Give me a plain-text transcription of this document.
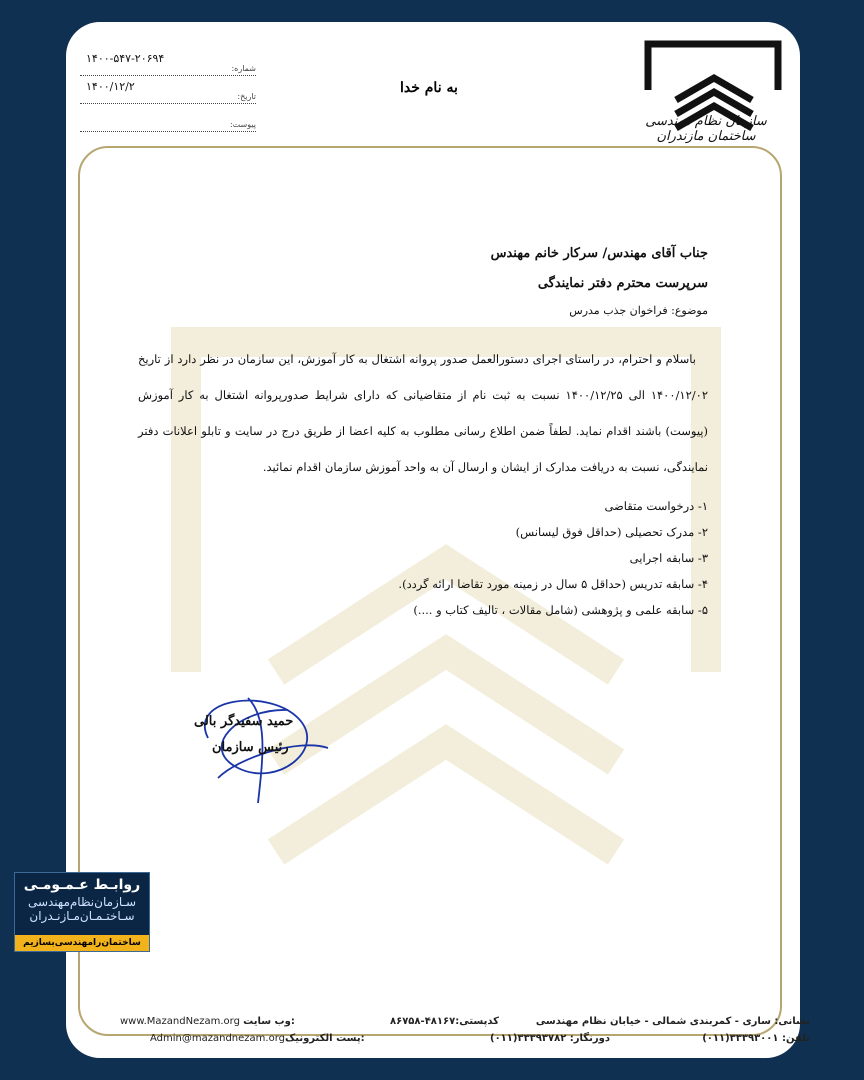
سازمان نظام مهندسی ساختمان مازندران
به نام خدا
شماره:
۱۴۰۰-۵۴۷-۲۰۶۹۴
تاریخ:
۱۴۰۰/۱۲/۲
پیوست:
جناب آقای مهندس/ سرکار خانم مهندس
سرپرست محترم دفتر نمایندگی
موضوع: فراخوان جذب مدرس

باسلام و احترام، در راستای اجرای دستورالعمل صدور پروانه اشتغال به کار آموزش، این سازمان در نظر دارد از تاریخ ۱۴۰۰/۱۲/۰۲ الی ۱۴۰۰/۱۲/۲۵ نسبت به ثبت نام از متقاضیانی که دارای شرایط صدورپروانه اشتغال به کار آموزش (پیوست) باشند اقدام نماید. لطفاً ضمن اطلاع رسانی مطلوب به کلیه اعضا از طریق درج در سایت و تابلو اعلانات دفتر نمایندگی، نسبت به دریافت مدارک از ایشان و ارسال آن به واحد آموزش سازمان اقدام نمائید.

۱- درخواست متقاضی
۲- مدرک تحصیلی (حداقل فوق لیسانس)
۳- سابقه اجرایی
۴- سابقه تدریس (حداقل ۵ سال در زمینه مورد تقاضا ارائه گردد).
۵- سابقه علمی و پژوهشی (شامل مقالات ، تالیف کتاب و ....)
حمید سفیدگر بالی
رئیس سازمان
نشانی: ساری - کمربندی شمالی - خیابان نظام مهندسی
کدپستی:۴۸۱۶۷-۸۶۷۵۸
www.MazandNezam.org وب سایت:
تلفن: ۳۳۳۹۳۰۰۱(۰۱۱)
دورنگار: ۳۳۳۹۳۷۸۲(۰۱۱)
Admin@mazandnezam.orgپست الکترونیک:
روابـط عـمـومـی
سـازمان‌نظام‌مهندسی
سـاختـمـان‌مـازنـدران
ساختمان‌رامهندسی‌بسازیم
